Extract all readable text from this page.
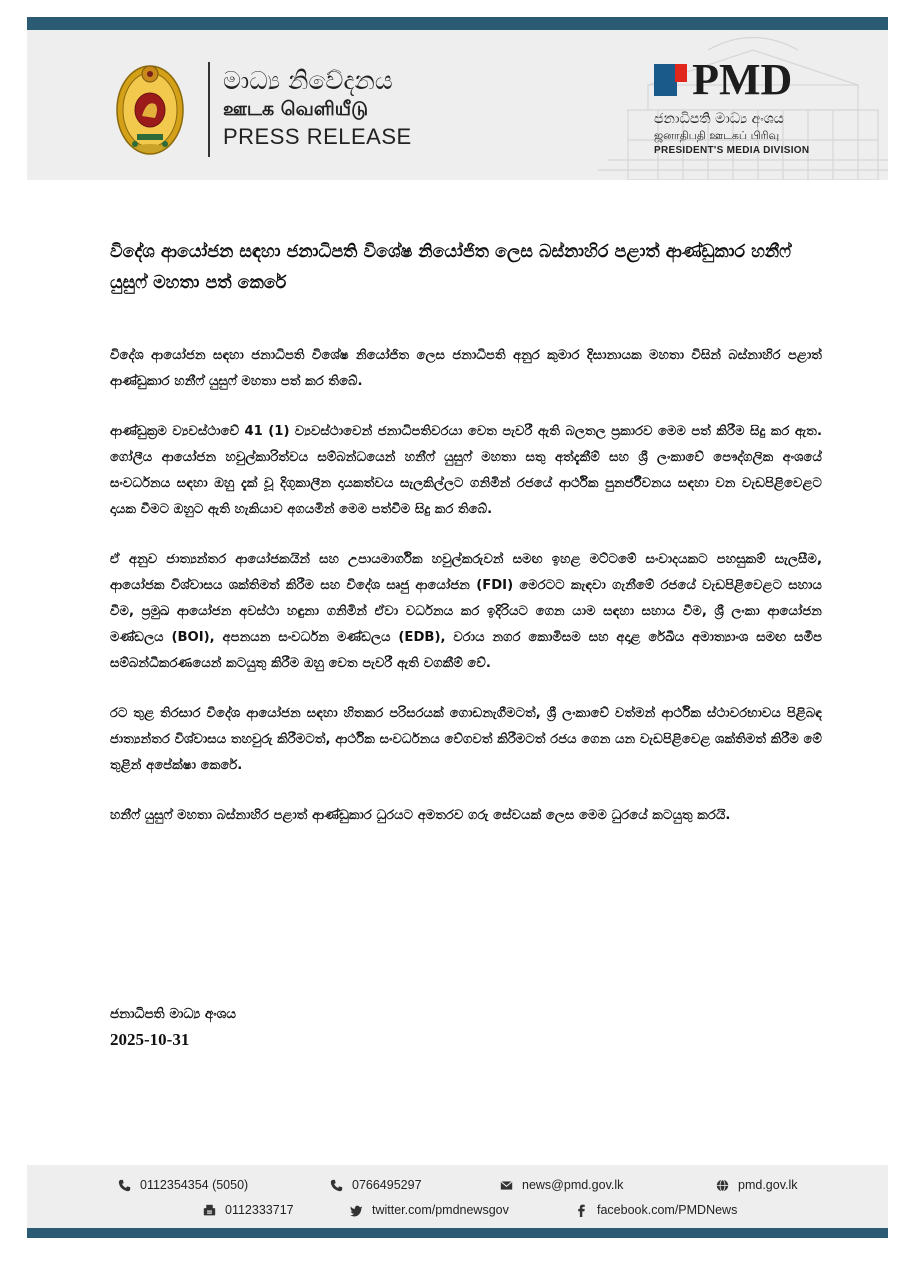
මාධ්‍ය නිවේදනය
ஊடக வெளியீடு
PRESS RELEASE
PMD
ජනාධිපති මාධ්‍ය අංශය
ஜனாதிபதி ஊடகப் பிரிவு
PRESIDENT'S MEDIA DIVISION
විදේශ ආයෝජන සඳහා ජනාධිපති විශේෂ නියෝජිත ලෙස බස්නාහිර පළාත් ආණ්ඩුකාර හනීෆ් යුසුෆ් මහතා පත් කෙරේ

විදේශ ආයෝජන සඳහා ජනාධිපති විශේෂ නියෝජිත ලෙස ජනාධිපති අනුර කුමාර දිසානායක මහතා විසින් බස්නාහිර පළාත් ආණ්ඩුකාර හනීෆ් යුසුෆ් මහතා පත් කර තිබේ.

ආණ්ඩුක්‍රම ව්‍යවස්ථාවේ 41 (1) ව්‍යවස්ථාවෙන් ජනාධිපතිවරයා වෙත පැවරී ඇති බලතල ප්‍රකාරව මෙම පත් කිරීම සිදු කර ඇත. ගෝලීය ආයෝජන හවුල්කාරිත්වය සම්බන්ධයෙන් හනීෆ් යුසුෆ් මහතා සතු අත්දැකීම් සහ ශ්‍රී ලංකාවේ පෞද්ගලික අංශයේ සංවර්ධනය සඳහා ඔහු දැක් වූ දිගුකාලීන දායකත්වය සැලකිල්ලට ගනිමින් රජයේ ආර්ථික පුනර්ජීවනය සඳහා වන වැඩපිළිවෙළට දායක වීමට ඔහුට ඇති හැකියාව අගයමින් මෙම පත්වීම සිදු කර තිබේ.

ඒ අනුව ජාත්‍යන්තර ආයෝජකයින් සහ උපායමාර්ගික හවුල්කරුවන් සමඟ ඉහළ මට්ටමේ සංවාදයකට පහසුකම් සැලසීම, ආයෝජක විශ්වාසය ශක්තිමත් කිරීම සහ විදේශ සෘජු ආයෝජන (FDI) මෙරටට කැඳවා ගැනීමේ රජයේ වැඩපිළිවෙළට සහාය වීම, ප්‍රමුඛ ආයෝජන අවස්ථා හඳුනා ගනිමින් ඒවා වර්ධනය කර ඉදිරියට ගෙන යාම සඳහා සහාය වීම, ශ්‍රී ලංකා ආයෝජන මණ්ඩලය (BOI), අපනයන සංවර්ධන මණ්ඩලය (EDB), වරාය නගර කොමිසම සහ අදාළ රේඛීය අමාත්‍යාංශ සමඟ සමීප සම්බන්ධීකරණයෙන් කටයුතු කිරීම ඔහු වෙත පැවරී ඇති වගකීම් වේ.

රට තුළ තිරසාර විදේශ ආයෝජන සඳහා හිතකර පරිසරයක් ගොඩනැගීමටත්, ශ්‍රී ලංකාවේ වත්මන් ආර්ථික ස්ථාවරභාවය පිළිබඳ ජාත්‍යන්තර විශ්වාසය තහවුරු කිරීමටත්, ආර්ථික සංවර්ධනය වේගවත් කිරීමටත් රජය ගෙන යන වැඩපිළිවෙළ ශක්තිමත් කිරීම මේ තුළින් අපේක්ෂා කෙරේ.

හනීෆ් යුසුෆ් මහතා බස්නාහිර පළාත් ආණ්ඩුකාර ධුරයට අමතරව ගරු සේවයක් ලෙස මෙම ධුරයේ කටයුතු කරයි.

ජනාධිපති මාධ්‍ය අංශය
2025-10-31
0112354354 (5050)	0766495297	news@pmd.gov.lk	pmd.gov.lk
0112333717	twitter.com/pmdnewsgov	facebook.com/PMDNews
